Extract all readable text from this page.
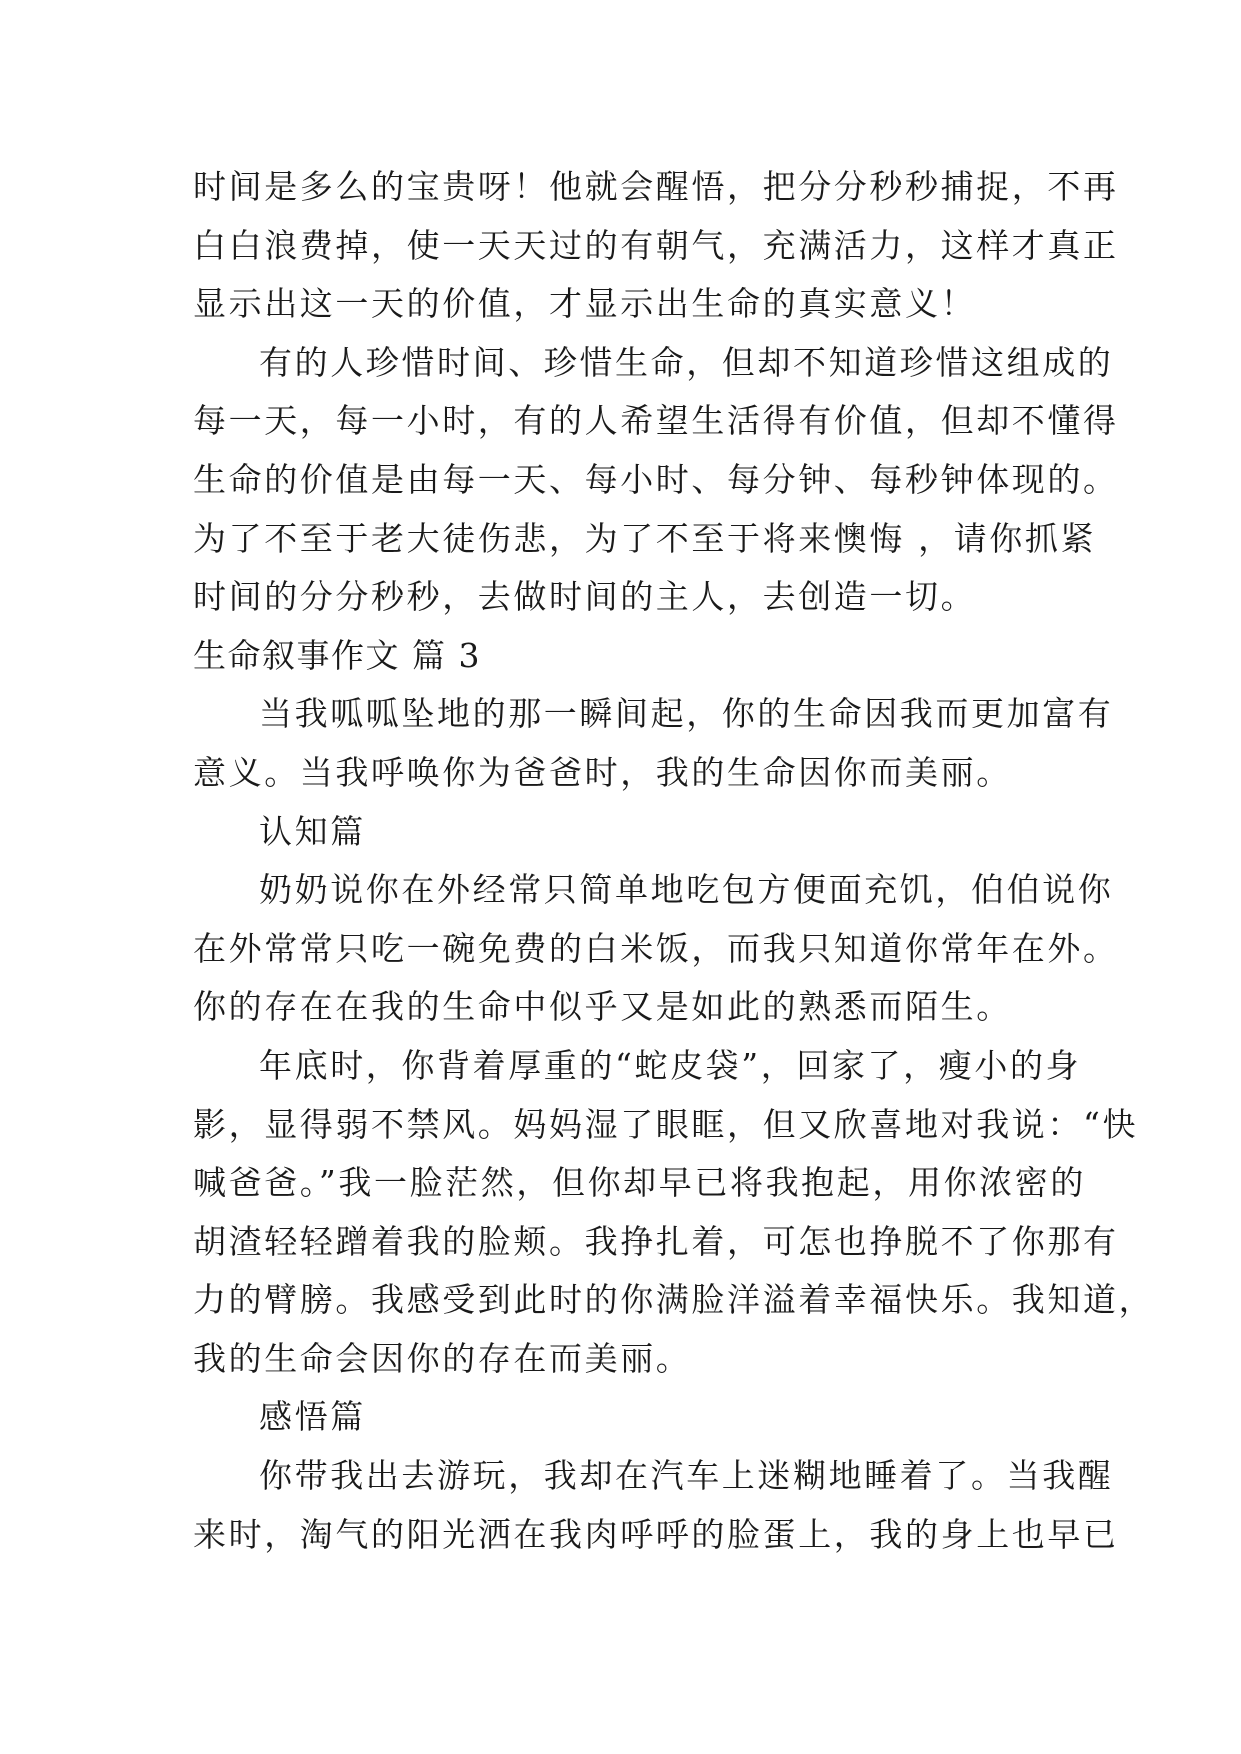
时间是多么的宝贵呀！他就会醒悟，把分分秒秒捕捉，不再
白白浪费掉，使一天天过的有朝气，充满活力，这样才真正
显示出这一天的价值，才显示出生命的真实意义！
有的人珍惜时间、珍惜生命，但却不知道珍惜这组成的
每一天，每一小时，有的人希望生活得有价值，但却不懂得
生命的价值是由每一天、每小时、每分钟、每秒钟体现的。
为了不至于老大徒伤悲，为了不至于将来懊悔 ，请你抓紧
时间的分分秒秒，去做时间的主人，去创造一切。
生命叙事作文 篇 3
当我呱呱坠地的那一瞬间起，你的生命因我而更加富有
意义。当我呼唤你为爸爸时，我的生命因你而美丽。
认知篇
奶奶说你在外经常只简单地吃包方便面充饥，伯伯说你
在外常常只吃一碗免费的白米饭，而我只知道你常年在外。
你的存在在我的生命中似乎又是如此的熟悉而陌生。
年底时，你背着厚重的“蛇皮袋”，回家了，瘦小的身
影，显得弱不禁风。妈妈湿了眼眶，但又欣喜地对我说：“快
喊爸爸。”我一脸茫然，但你却早已将我抱起，用你浓密的
胡渣轻轻蹭着我的脸颊。我挣扎着，可怎也挣脱不了你那有
力的臂膀。我感受到此时的你满脸洋溢着幸福快乐。我知道，
我的生命会因你的存在而美丽。
感悟篇
你带我出去游玩，我却在汽车上迷糊地睡着了。当我醒
来时，淘气的阳光洒在我肉呼呼的脸蛋上，我的身上也早已
